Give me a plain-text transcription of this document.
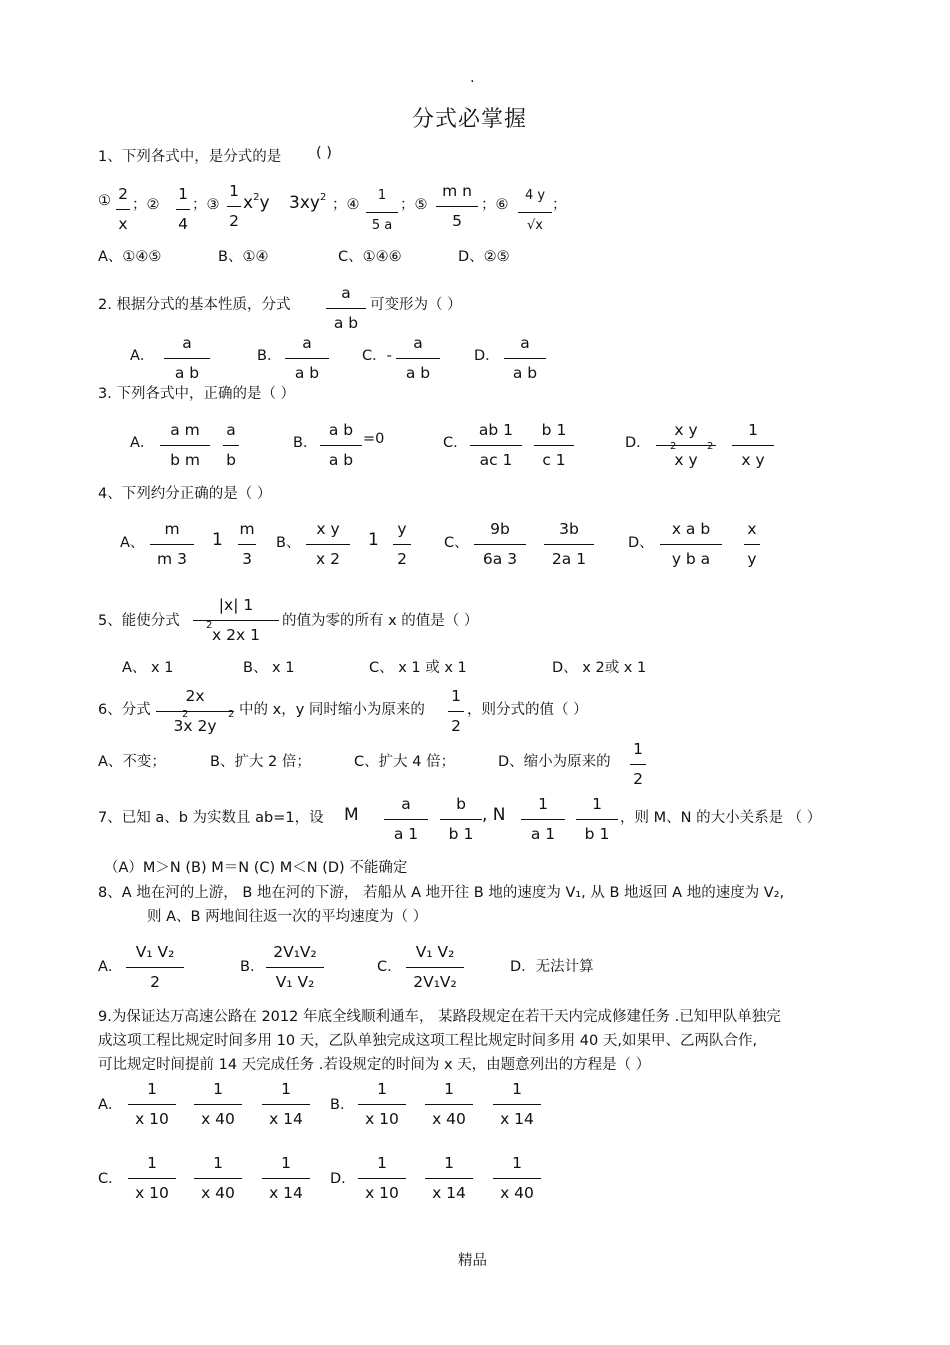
·
分式必掌握
1、下列各式中，是分式的是 ( )
① 2
x
；②
1
4
；③
1
2
$x^2y$ $3xy^2$ ；④
1
5 a
；⑤
m n
5
；⑥
4 y
√x
；
A、①④⑤	B、①④	C、①④⑥	D、②⑤
2. 根据分式的基本性质，分式
a
a b
可变形为（ ）
A．
a
a b
B．
a
a b
C．-
a
a b
D．
a
a b
3. 下列各式中，正确的是（ ）
A．
a m
b m
a
b
B．
a b
a b
=0	C．
ab 1
ac 1
b 1
c 1
D．
x y
x y
2	2
1
x y
4、下列约分正确的是（ ）
A、
m
m 3
1
m
3
B、
x y
x 2
1
y
2
C、
9b
6a 3
3b
2a 1
D、
x a b
y b a
x
y
5、能使分式
|x| 1
x 2x 1
2	的值为零的所有 x 的值是（ ）
A、 x 1	B、 x 1	C、 x 1 或 x 1	D、 x 2或 x 1
6、分式
2x
3x 2y
2	2 中的 x，y 同时缩小为原来的
1
2
，则分式的值（ ）
A、不变；	B、扩大 2 倍；	C、扩大 4 倍；	D、缩小为原来的
1
2
7、已知 a、b 为实数且 ab=1，设 M
a
a 1
b
b 1
, N
1
a 1
1
b 1
，则 M、N 的大小关系是 （ ）
（A）M＞N (B) M＝N (C) M＜N (D) 不能确定
8、A 地在河的上游， B 地在河的下游， 若船从 A 地开往 B 地的速度为 V₁, 从 B 地返回 A 地的速度为 V₂,
则 A、B 两地间往返一次的平均速度为（ ）
A．
V₁ V₂
2
B．
2V₁V₂
V₁ V₂
C．
V₁ V₂
2V₁V₂
D．无法计算
9.为保证达万高速公路在 2012 年底全线顺利通车， 某路段规定在若干天内完成修建任务 .已知甲队单独完
成这项工程比规定时间多用 10 天，乙队单独完成这项工程比规定时间多用 40 天,如果甲、乙两队合作,
可比规定时间提前 14 天完成任务 .若设规定的时间为 x 天，由题意列出的方程是（ ）
A．
1
x 10
1
x 40
1
x 14
B．
1
x 10
1
x 40
1
x 14
C．
1
x 10
1
x 40
1
x 14
D．
1
x 10
1
x 14
1
x 40
精品
